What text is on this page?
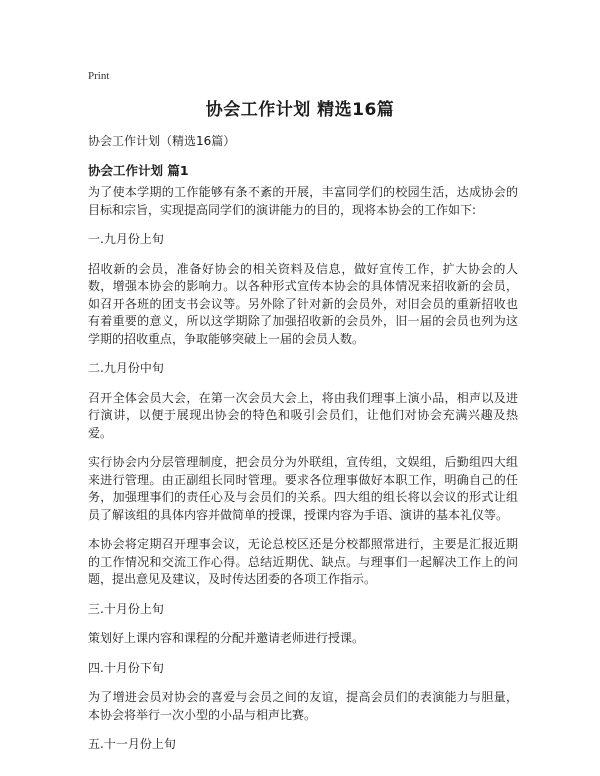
Print
协会工作计划 精选16篇
协会工作计划（精选16篇）
协会工作计划 篇1

为了使本学期的工作能够有条不紊的开展，丰富同学们的校园生活，达成协会的目标和宗旨，实现提高同学们的演讲能力的目的，现将本协会的工作如下:

一.九月份上旬

招收新的会员，准备好协会的相关资料及信息，做好宣传工作，扩大协会的人数，增强本协会的影响力。以各种形式宣传本协会的具体情况来招收新的会员，如召开各班的团支书会议等。另外除了针对新的会员外，对旧会员的重新招收也有着重要的意义，所以这学期除了加强招收新的会员外，旧一届的会员也列为这学期的招收重点，争取能够突破上一届的会员人数。

二.九月份中旬

召开全体会员大会，在第一次会员大会上，将由我们理事上演小品，相声以及进行演讲，以便于展现出协会的特色和吸引会员们，让他们对协会充满兴趣及热爱。

实行协会内分层管理制度，把会员分为外联组，宣传组，文娱组，后勤组四大组来进行管理。由正副组长同时管理。要求各位理事做好本职工作，明确自己的任务，加强理事们的责任心及与会员们的关系。四大组的组长将以会议的形式让组员了解该组的具体内容并做简单的授课，授课内容为手语、演讲的基本礼仪等。

本协会将定期召开理事会议，无论总校区还是分校都照常进行，主要是汇报近期的工作情况和交流工作心得。总结近期优、缺点。与理事们一起解决工作上的问题，提出意见及建议，及时传达团委的各项工作指示。

三.十月份上旬

策划好上课内容和课程的分配并邀请老师进行授课。

四.十月份下旬

为了增进会员对协会的喜爱与会员之间的友谊，提高会员们的表演能力与胆量，本协会将举行一次小型的小品与相声比赛。

五.十一月份上旬
